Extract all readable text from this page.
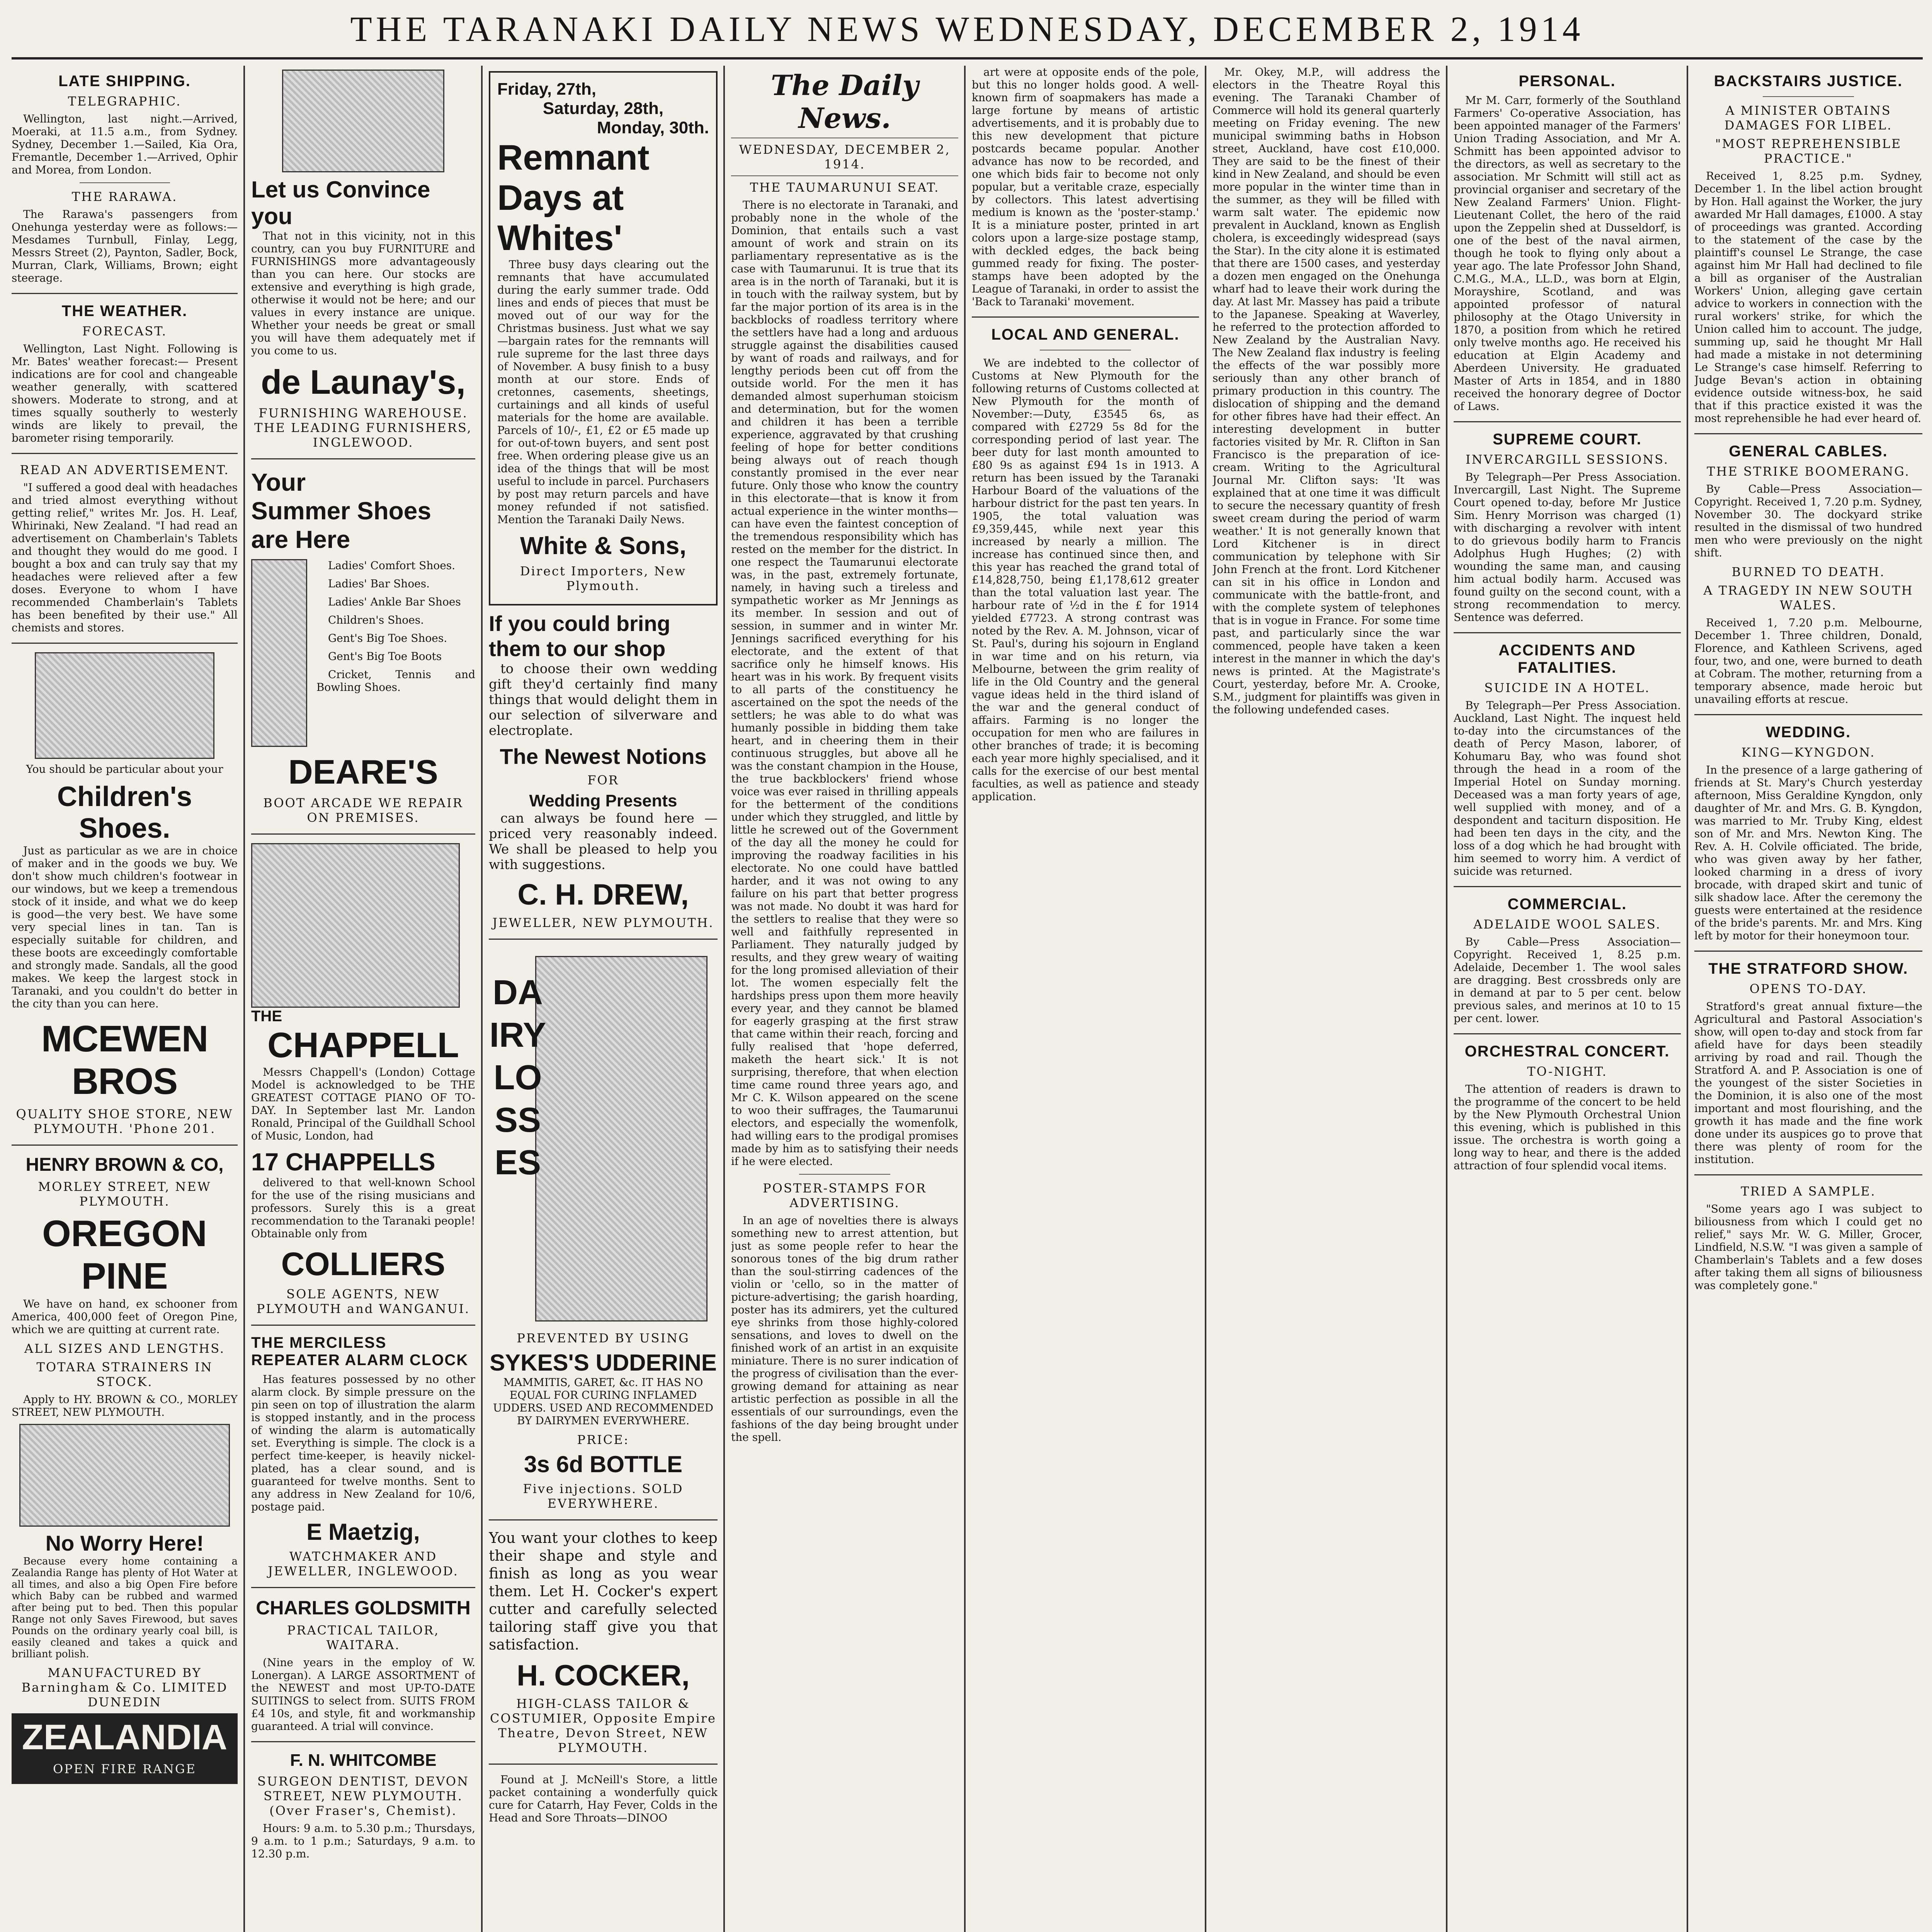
THE TARANAKI DAILY NEWS WEDNESDAY, DECEMBER 2, 1914
LATE SHIPPING.
TELEGRAPHIC.

Wellington, last night.—Arrived, Moeraki, at 11.5 a.m., from Sydney. Sydney, December 1.—Sailed, Kia Ora, Fremantle, December 1.—Arrived, Ophir and Morea, from London.

THE RARAWA.

The Rarawa's passengers from Onehunga yesterday were as follows:—Mesdames Turnbull, Finlay, Legg, Messrs Street (2), Paynton, Sadler, Bock, Murran, Clark, Williams, Brown; eight steerage.

THE WEATHER.
FORECAST.

Wellington, Last Night. Following is Mr. Bates' weather forecast:— Present indications are for cool and changeable weather generally, with scattered showers. Moderate to strong, and at times squally southerly to westerly winds are likely to prevail, the barometer rising temporarily.

READ AN ADVERTISEMENT.

"I suffered a good deal with headaches and tried almost everything without getting relief," writes Mr. Jos. H. Leaf, Whirinaki, New Zealand. "I had read an advertisement on Chamberlain's Tablets and thought they would do me good. I bought a box and can truly say that my headaches were relieved after a few doses. Everyone to whom I have recommended Chamberlain's Tablets has been benefited by their use." All chemists and stores.

You should be particular about your

Children's Shoes.

Just as particular as we are in choice of maker and in the goods we buy. We don't show much children's footwear in our windows, but we keep a tremendous stock of it inside, and what we do keep is good—the very best. We have some very special lines in tan. Tan is especially suitable for children, and these boots are exceedingly comfortable and strongly made. Sandals, all the good makes. We keep the largest stock in Taranaki, and you couldn't do better in the city than you can here.

MCEWEN BROS

QUALITY SHOE STORE, NEW PLYMOUTH. 'Phone 201.

HENRY BROWN & CO,

MORLEY STREET, NEW PLYMOUTH.

OREGON PINE

We have on hand, ex schooner from America, 400,000 feet of Oregon Pine, which we are quitting at current rate.

ALL SIZES AND LENGTHS.
TOTARA STRAINERS IN STOCK.

Apply to HY. BROWN & CO., MORLEY STREET, NEW PLYMOUTH.

No Worry Here!

Because every home containing a Zealandia Range has plenty of Hot Water at all times, and also a big Open Fire before which Baby can be rubbed and warmed after being put to bed. Then this popular Range not only Saves Firewood, but saves Pounds on the ordinary yearly coal bill, is easily cleaned and takes a quick and brilliant polish.

MANUFACTURED BY Barningham & Co. LIMITED DUNEDIN

ZEALANDIA
OPEN FIRE RANGE
Let us Convince you

That not in this vicinity, not in this country, can you buy FURNITURE and FURNISHINGS more advantageously than you can here. Our stocks are extensive and everything is high grade, otherwise it would not be here; and our values in every instance are unique. Whether your needs be great or small you will have them adequately met if you come to us.

de Launay's,

FURNISHING WAREHOUSE. THE LEADING FURNISHERS, INGLEWOOD.

Your
Summer Shoes
are Here

Ladies' Comfort Shoes.

Ladies' Bar Shoes.

Ladies' Ankle Bar Shoes

Children's Shoes.

Gent's Big Toe Shoes.

Gent's Big Toe Boots

Cricket, Tennis and Bowling Shoes.

DEARE'S

BOOT ARCADE WE REPAIR ON PREMISES.

THE
CHAPPELL

Messrs Chappell's (London) Cottage Model is acknowledged to be THE GREATEST COTTAGE PIANO OF TO-DAY. In September last Mr. Landon Ronald, Principal of the Guildhall School of Music, London, had

17 CHAPPELLS

delivered to that well-known School for the use of the rising musicians and professors. Surely this is a great recommendation to the Taranaki people! Obtainable only from

COLLIERS

SOLE AGENTS, NEW PLYMOUTH and WANGANUI.

THE MERCILESS REPEATER ALARM CLOCK

Has features possessed by no other alarm clock. By simple pressure on the pin seen on top of illustration the alarm is stopped instantly, and in the process of winding the alarm is automatically set. Everything is simple. The clock is a perfect time-keeper, is heavily nickel-plated, has a clear sound, and is guaranteed for twelve months. Sent to any address in New Zealand for 10/6, postage paid.

E Maetzig,

WATCHMAKER AND JEWELLER, INGLEWOOD.

CHARLES GOLDSMITH

PRACTICAL TAILOR, WAITARA.

(Nine years in the employ of W. Lonergan). A LARGE ASSORTMENT of the NEWEST and most UP-TO-DATE SUITINGS to select from. SUITS FROM £4 10s, and style, fit and workmanship guaranteed. A trial will convince.

F. N. WHITCOMBE

SURGEON DENTIST, DEVON STREET, NEW PLYMOUTH. (Over Fraser's, Chemist).

Hours: 9 a.m. to 5.30 p.m.; Thursdays, 9 a.m. to 1 p.m.; Saturdays, 9 a.m. to 12.30 p.m.

Friday, 27th,
Saturday, 28th,
Monday, 30th.
Remnant Days at Whites'

Three busy days clearing out the remnants that have accumulated during the early summer trade. Odd lines and ends of pieces that must be moved out of our way for the Christmas business. Just what we say—bargain rates for the remnants will rule supreme for the last three days of November. A busy finish to a busy month at our store. Ends of cretonnes, casements, sheetings, curtainings and all kinds of useful materials for the home are available. Parcels of 10/-, £1, £2 or £5 made up for out-of-town buyers, and sent post free. When ordering please give us an idea of the things that will be most useful to include in parcel. Purchasers by post may return parcels and have money refunded if not satisfied. Mention the Taranaki Daily News.

White & Sons,

Direct Importers, New Plymouth.

If you could bring them to our shop

to choose their own wedding gift they'd certainly find many things that would delight them in our selection of silverware and electroplate.

The Newest Notions
FOR
Wedding Presents

can always be found here —priced very reasonably indeed. We shall be pleased to help you with suggestions.

C. H. DREW,

JEWELLER, NEW PLYMOUTH.

DAIRY LOSSES
PREVENTED BY USING
SYKES'S UDDERINE

MAMMITIS, GARET, &c. IT HAS NO EQUAL FOR CURING INFLAMED UDDERS. USED AND RECOMMENDED BY DAIRYMEN EVERYWHERE.

PRICE:
3s 6d BOTTLE

Five injections. SOLD EVERYWHERE.

You want your clothes to keep their shape and style and finish as long as you wear them. Let H. Cocker's expert cutter and carefully selected tailoring staff give you that satisfaction.

H. COCKER,

HIGH-CLASS TAILOR & COSTUMIER, Opposite Empire Theatre, Devon Street, NEW PLYMOUTH.

Found at J. McNeill's Store, a little packet containing a wonderfully quick cure for Catarrh, Hay Fever, Colds in the Head and Sore Throats—DINOO

The Daily News.
WEDNESDAY, DECEMBER 2, 1914.
THE TAUMARUNUI SEAT.

There is no electorate in Taranaki, and probably none in the whole of the Dominion, that entails such a vast amount of work and strain on its parliamentary representative as is the case with Taumarunui. It is true that its area is in the north of Taranaki, but it is in touch with the railway system, but by far the major portion of its area is in the backblocks of roadless territory where the settlers have had a long and arduous struggle against the disabilities caused by want of roads and railways, and for lengthy periods been cut off from the outside world. For the men it has demanded almost superhuman stoicism and determination, but for the women and children it has been a terrible experience, aggravated by that crushing feeling of hope for better conditions being always out of reach though constantly promised in the ever near future. Only those who know the country in this electorate—that is know it from actual experience in the winter months—can have even the faintest conception of the tremendous responsibility which has rested on the member for the district. In one respect the Taumarunui electorate was, in the past, extremely fortunate, namely, in having such a tireless and sympathetic worker as Mr Jennings as its member. In session and out of session, in summer and in winter Mr. Jennings sacrificed everything for his electorate, and the extent of that sacrifice only he himself knows. His heart was in his work. By frequent visits to all parts of the constituency he ascertained on the spot the needs of the settlers; he was able to do what was humanly possible in bidding them take heart, and in cheering them in their continuous struggles, but above all he was the constant champion in the House, the true backblockers' friend whose voice was ever raised in thrilling appeals for the betterment of the conditions under which they struggled, and little by little he screwed out of the Government of the day all the money he could for improving the roadway facilities in his electorate. No one could have battled harder, and it was not owing to any failure on his part that better progress was not made. No doubt it was hard for the settlers to realise that they were so well and faithfully represented in Parliament. They naturally judged by results, and they grew weary of waiting for the long promised alleviation of their lot. The women especially felt the hardships press upon them more heavily every year, and they cannot be blamed for eagerly grasping at the first straw that came within their reach, forcing and fully realised that 'hope deferred, maketh the heart sick.' It is not surprising, therefore, that when election time came round three years ago, and Mr C. K. Wilson appeared on the scene to woo their suffrages, the Taumarunui electors, and especially the womenfolk, had willing ears to the prodigal promises made by him as to satisfying their needs if he were elected.

POSTER-STAMPS FOR ADVERTISING.

In an age of novelties there is always something new to arrest attention, but just as some people refer to hear the sonorous tones of the big drum rather than the soul-stirring cadences of the violin or 'cello, so in the matter of picture-advertising; the garish hoarding, poster has its admirers, yet the cultured eye shrinks from those highly-colored sensations, and loves to dwell on the finished work of an artist in an exquisite miniature. There is no surer indication of the progress of civilisation than the ever-growing demand for attaining as near artistic perfection as possible in all the essentials of our surroundings, even the fashions of the day being brought under the spell.

art were at opposite ends of the pole, but this no longer holds good. A well-known firm of soapmakers has made a large fortune by means of artistic advertisements, and it is probably due to this new development that picture postcards became popular. Another advance has now to be recorded, and one which bids fair to become not only popular, but a veritable craze, especially by collectors. This latest advertising medium is known as the 'poster-stamp.' It is a miniature poster, printed in art colors upon a large-size postage stamp, with deckled edges, the back being gummed ready for fixing. The poster-stamps have been adopted by the League of Taranaki, in order to assist the 'Back to Taranaki' movement.

LOCAL AND GENERAL.

We are indebted to the collector of Customs at New Plymouth for the following returns of Customs collected at New Plymouth for the month of November:—Duty, £3545 6s, as compared with £2729 5s 8d for the corresponding period of last year. The beer duty for last month amounted to £80 9s as against £94 1s in 1913. A return has been issued by the Taranaki Harbour Board of the valuations of the harbour district for the past ten years. In 1905, the total valuation was £9,359,445, while next year this increased by nearly a million. The increase has continued since then, and this year has reached the grand total of £14,828,750, being £1,178,612 greater than the total valuation last year. The harbour rate of ½d in the £ for 1914 yielded £7723. A strong contrast was noted by the Rev. A. M. Johnson, vicar of St. Paul's, during his sojourn in England in war time and on his return, via Melbourne, between the grim reality of life in the Old Country and the general vague ideas held in the third island of the war and the general conduct of affairs. Farming is no longer the occupation for men who are failures in other branches of trade; it is becoming each year more highly specialised, and it calls for the exercise of our best mental faculties, as well as patience and steady application.

Mr. Okey, M.P., will address the electors in the Theatre Royal this evening. The Taranaki Chamber of Commerce will hold its general quarterly meeting on Friday evening. The new municipal swimming baths in Hobson street, Auckland, have cost £10,000. They are said to be the finest of their kind in New Zealand, and should be even more popular in the winter time than in the summer, as they will be filled with warm salt water. The epidemic now prevalent in Auckland, known as English cholera, is exceedingly widespread (says the Star). In the city alone it is estimated that there are 1500 cases, and yesterday a dozen men engaged on the Onehunga wharf had to leave their work during the day. At last Mr. Massey has paid a tribute to the Japanese. Speaking at Waverley, he referred to the protection afforded to New Zealand by the Australian Navy. The New Zealand flax industry is feeling the effects of the war possibly more seriously than any other branch of primary production in this country. The dislocation of shipping and the demand for other fibres have had their effect. An interesting development in butter factories visited by Mr. R. Clifton in San Francisco is the preparation of ice-cream. Writing to the Agricultural Journal Mr. Clifton says: 'It was explained that at one time it was difficult to secure the necessary quantity of fresh sweet cream during the period of warm weather.' It is not generally known that Lord Kitchener is in direct communication by telephone with Sir John French at the front. Lord Kitchener can sit in his office in London and communicate with the battle-front, and with the complete system of telephones that is in vogue in France. For some time past, and particularly since the war commenced, people have taken a keen interest in the manner in which the day's news is printed. At the Magistrate's Court, yesterday, before Mr. A. Crooke, S.M., judgment for plaintiffs was given in the following undefended cases.

PERSONAL.

Mr M. Carr, formerly of the Southland Farmers' Co-operative Association, has been appointed manager of the Farmers' Union Trading Association, and Mr A. Schmitt has been appointed advisor to the directors, as well as secretary to the association. Mr Schmitt will still act as provincial organiser and secretary of the New Zealand Farmers' Union. Flight-Lieutenant Collet, the hero of the raid upon the Zeppelin shed at Dusseldorf, is one of the best of the naval airmen, though he took to flying only about a year ago. The late Professor John Shand, C.M.G., M.A., LL.D., was born at Elgin, Morayshire, Scotland, and was appointed professor of natural philosophy at the Otago University in 1870, a position from which he retired only twelve months ago. He received his education at Elgin Academy and Aberdeen University. He graduated Master of Arts in 1854, and in 1880 received the honorary degree of Doctor of Laws.

SUPREME COURT.
INVERCARGILL SESSIONS.

By Telegraph—Per Press Association. Invercargill, Last Night. The Supreme Court opened to-day, before Mr Justice Sim. Henry Morrison was charged (1) with discharging a revolver with intent to do grievous bodily harm to Francis Adolphus Hugh Hughes; (2) with wounding the same man, and causing him actual bodily harm. Accused was found guilty on the second count, with a strong recommendation to mercy. Sentence was deferred.

ACCIDENTS AND FATALITIES.
SUICIDE IN A HOTEL.

By Telegraph—Per Press Association. Auckland, Last Night. The inquest held to-day into the circumstances of the death of Percy Mason, laborer, of Kohumaru Bay, who was found shot through the head in a room of the Imperial Hotel on Sunday morning. Deceased was a man forty years of age, well supplied with money, and of a despondent and taciturn disposition. He had been ten days in the city, and the loss of a dog which he had brought with him seemed to worry him. A verdict of suicide was returned.

COMMERCIAL.
ADELAIDE WOOL SALES.

By Cable—Press Association—Copyright. Received 1, 8.25 p.m. Adelaide, December 1. The wool sales are dragging. Best crossbreds only are in demand at par to 5 per cent. below previous sales, and merinos at 10 to 15 per cent. lower.

ORCHESTRAL CONCERT.
TO-NIGHT.

The attention of readers is drawn to the programme of the concert to be held by the New Plymouth Orchestral Union this evening, which is published in this issue. The orchestra is worth going a long way to hear, and there is the added attraction of four splendid vocal items.

BACKSTAIRS JUSTICE.
A MINISTER OBTAINS DAMAGES FOR LIBEL.
"MOST REPREHENSIBLE PRACTICE."

Received 1, 8.25 p.m. Sydney, December 1. In the libel action brought by Hon. Hall against the Worker, the jury awarded Mr Hall damages, £1000. A stay of proceedings was granted. According to the statement of the case by the plaintiff's counsel Le Strange, the case against him Mr Hall had declined to file a bill as organiser of the Australian Workers' Union, alleging gave certain advice to workers in connection with the rural workers' strike, for which the Union called him to account. The judge, summing up, said he thought Mr Hall had made a mistake in not determining Le Strange's case himself. Referring to Judge Bevan's action in obtaining evidence outside witness-box, he said that if this practice existed it was the most reprehensible he had ever heard of.

GENERAL CABLES.
THE STRIKE BOOMERANG.

By Cable—Press Association—Copyright. Received 1, 7.20 p.m. Sydney, November 30. The dockyard strike resulted in the dismissal of two hundred men who were previously on the night shift.

BURNED TO DEATH.
A TRAGEDY IN NEW SOUTH WALES.

Received 1, 7.20 p.m. Melbourne, December 1. Three children, Donald, Florence, and Kathleen Scrivens, aged four, two, and one, were burned to death at Cobram. The mother, returning from a temporary absence, made heroic but unavailing efforts at rescue.

WEDDING.
KING—KYNGDON.

In the presence of a large gathering of friends at St. Mary's Church yesterday afternoon, Miss Geraldine Kyngdon, only daughter of Mr. and Mrs. G. B. Kyngdon, was married to Mr. Truby King, eldest son of Mr. and Mrs. Newton King. The Rev. A. H. Colvile officiated. The bride, who was given away by her father, looked charming in a dress of ivory brocade, with draped skirt and tunic of silk shadow lace. After the ceremony the guests were entertained at the residence of the bride's parents. Mr. and Mrs. King left by motor for their honeymoon tour.

THE STRATFORD SHOW.
OPENS TO-DAY.

Stratford's great annual fixture—the Agricultural and Pastoral Association's show, will open to-day and stock from far afield have for days been steadily arriving by road and rail. Though the Stratford A. and P. Association is one of the youngest of the sister Societies in the Dominion, it is also one of the most important and most flourishing, and the growth it has made and the fine work done under its auspices go to prove that there was plenty of room for the institution.

TRIED A SAMPLE.

"Some years ago I was subject to biliousness from which I could get no relief," says Mr. W. G. Miller, Grocer, Lindfield, N.S.W. "I was given a sample of Chamberlain's Tablets and a few doses after taking them all signs of biliousness was completely gone."
